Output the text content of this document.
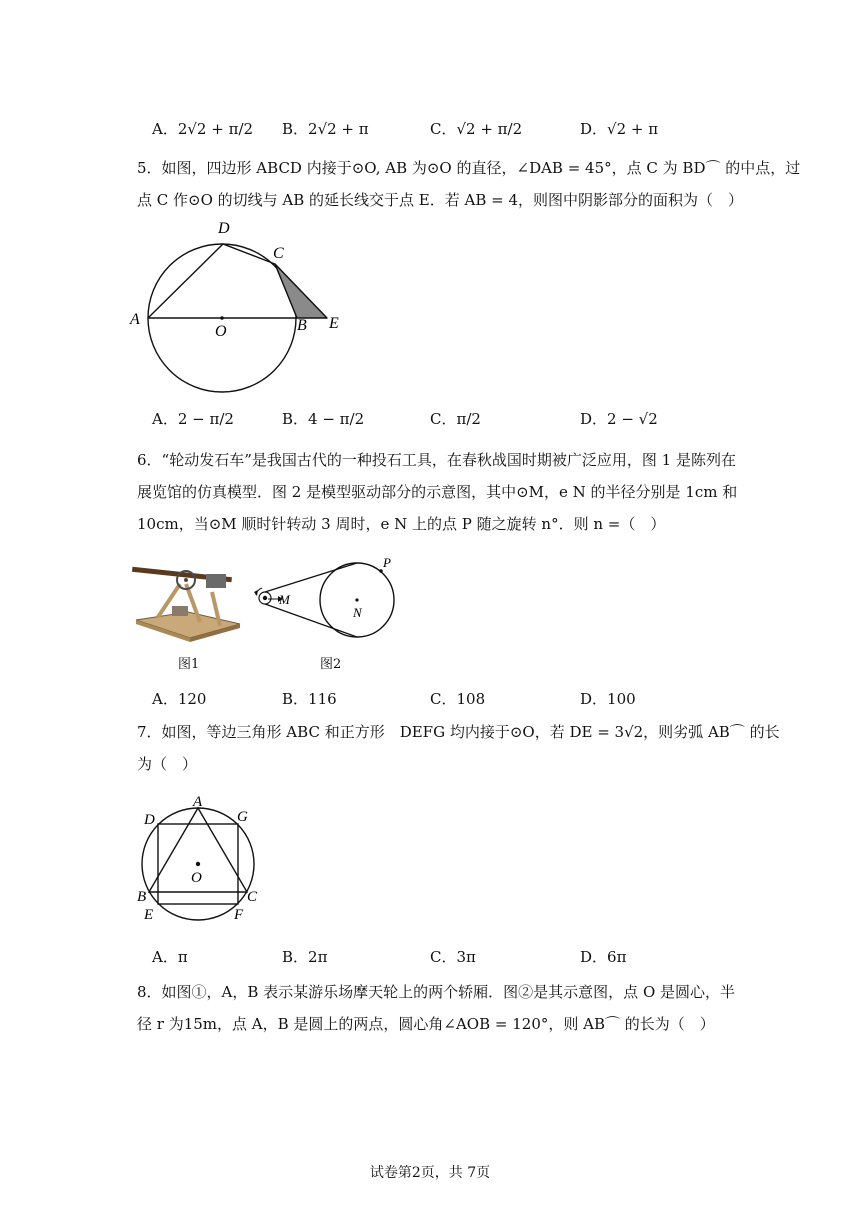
A．2√2 + π/2 B．2√2 + π	C．√2 + π/2	D．√2 + π
5．如图，四边形 ABCD 内接于⊙O, AB 为⊙O 的直径，∠DAB = 45°，点 C 为 BD⌒ 的中点，过
点 C 作⊙O 的切线与 AB 的延长线交于点 E．若 AB = 4，则图中阴影部分的面积为（　）
A
D
C
O	B E
A．2 − π/2	B．4 − π/2	C．π/2	D．2 − √2
6．“轮动发石车”是我国古代的一种投石工具，在春秋战国时期被广泛应用，图 1 是陈列在
展览馆的仿真模型．图 2 是模型驱动部分的示意图，其中⊙M，e N 的半径分别是 1cm 和
10cm，当⊙M 顺时针转动 3 周时，e N 上的点 P 随之旋转 n°．则 n =（　）
图1
M
N
P
图2
A．120	B．116	C．108	D．100
7．如图，等边三角形 ABC 和正方形　DEFG 均内接于⊙O，若 DE = 3√2，则劣弧 AB⌒ 的长
为（　）
A
D	G
O
B
E
C
F
A．π	B．2π	C．3π	D．6π
8．如图①，A，B 表示某游乐场摩天轮上的两个轿厢．图②是其示意图，点 O 是圆心，半
径 r 为15m，点 A，B 是圆上的两点，圆心角∠AOB = 120°，则 AB⌒ 的长为（　）
试卷第2页，共 7页
